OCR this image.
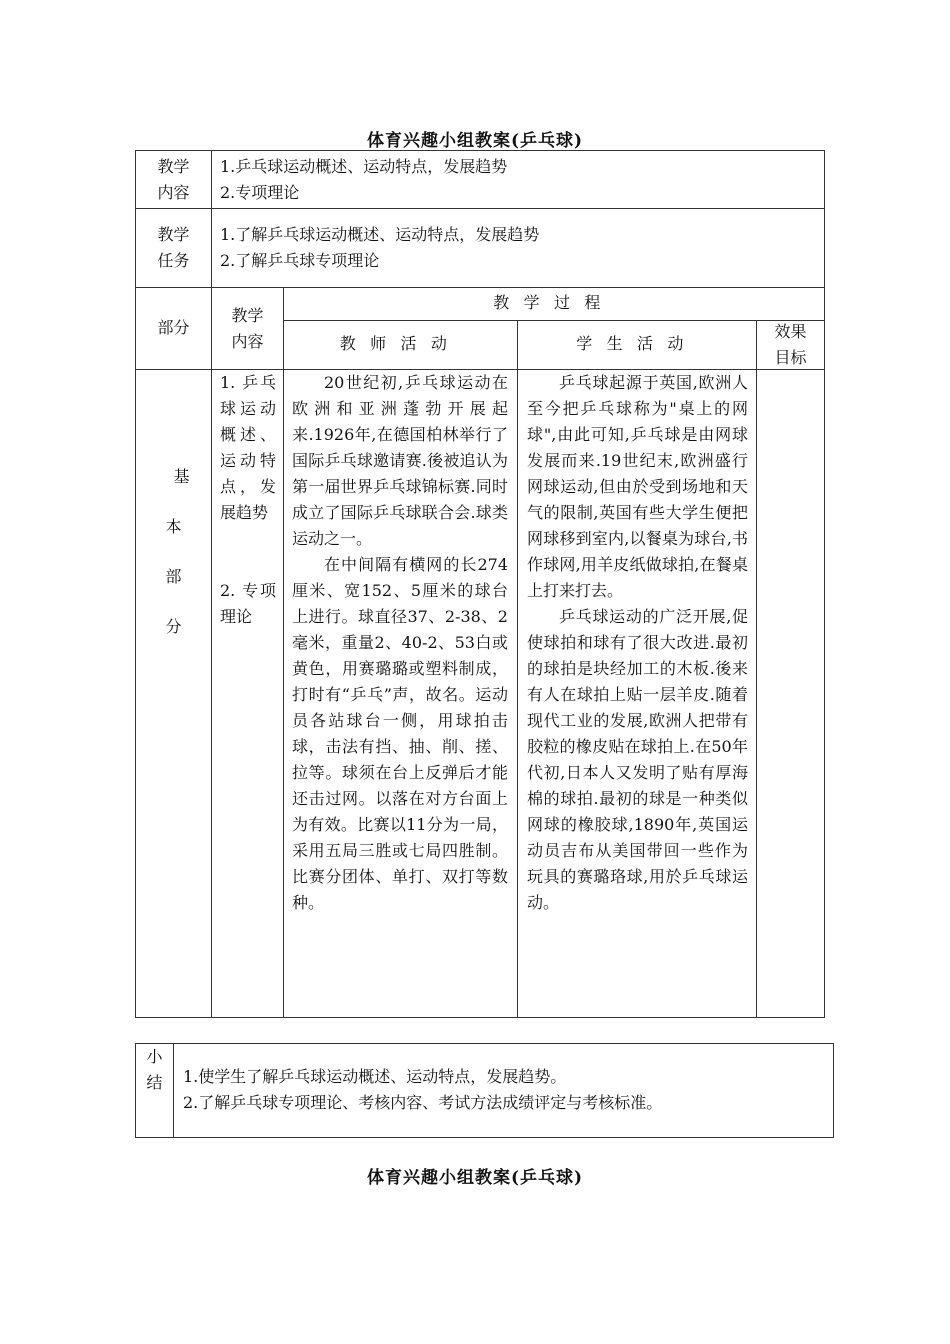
体育兴趣小组教案(乒乓球)
教学
内容
1.乒乓球运动概述、运动特点，发展趋势
2.专项理论
教学
任务
1.了解乒乓球运动概述、运动特点，发展趋势
2.了解乒乓球专项理论
部分
教学
内容
教学过程
教师活动	学生活动
效果
目标
基
本
部
分

1. 乒乓球运动概述、运动特点，发展趋势

2. 专项理论

20世纪初,乒乓球运动在欧洲和亚洲蓬勃开展起来.1926年,在德国柏林举行了国际乒乓球邀请赛.後被追认为第一届世界乒乓球锦标赛.同时成立了国际乒乓球联合会.球类运动之一。

在中间隔有横网的长274厘米、宽152、5厘米的球台上进行。球直径37、2-38、2毫米，重量2、40-2、53白或黄色，用赛璐璐或塑料制成，打时有“乒乓”声，故名。运动员各站球台一侧，用球拍击球，击法有挡、抽、削、搓、拉等。球须在台上反弹后才能还击过网。以落在对方台面上为有效。比赛以11分为一局，采用五局三胜或七局四胜制。比赛分团体、单打、双打等数种。

乒乓球起源于英国,欧洲人至今把乒乓球称为"桌上的网球",由此可知,乒乓球是由网球发展而来.19世纪末,欧洲盛行网球运动,但由於受到场地和天气的限制,英国有些大学生便把网球移到室内,以餐桌为球台,书作球网,用羊皮纸做球拍,在餐桌上打来打去。

乒乓球运动的广泛开展,促使球拍和球有了很大改进.最初的球拍是块经加工的木板.後来有人在球拍上贴一层羊皮.随着现代工业的发展,欧洲人把带有胶粒的橡皮贴在球拍上.在50年代初,日本人又发明了贴有厚海棉的球拍.最初的球是一种类似网球的橡胶球,1890年,英国运动员吉布从美国带回一些作为玩具的赛璐珞球,用於乒乓球运动。

小
结	1.使学生了解乒乓球运动概述、运动特点，发展趋势。
2.了解乒乓球专项理论、考核内容、考试方法成绩评定与考核标准。
体育兴趣小组教案(乒乓球)
